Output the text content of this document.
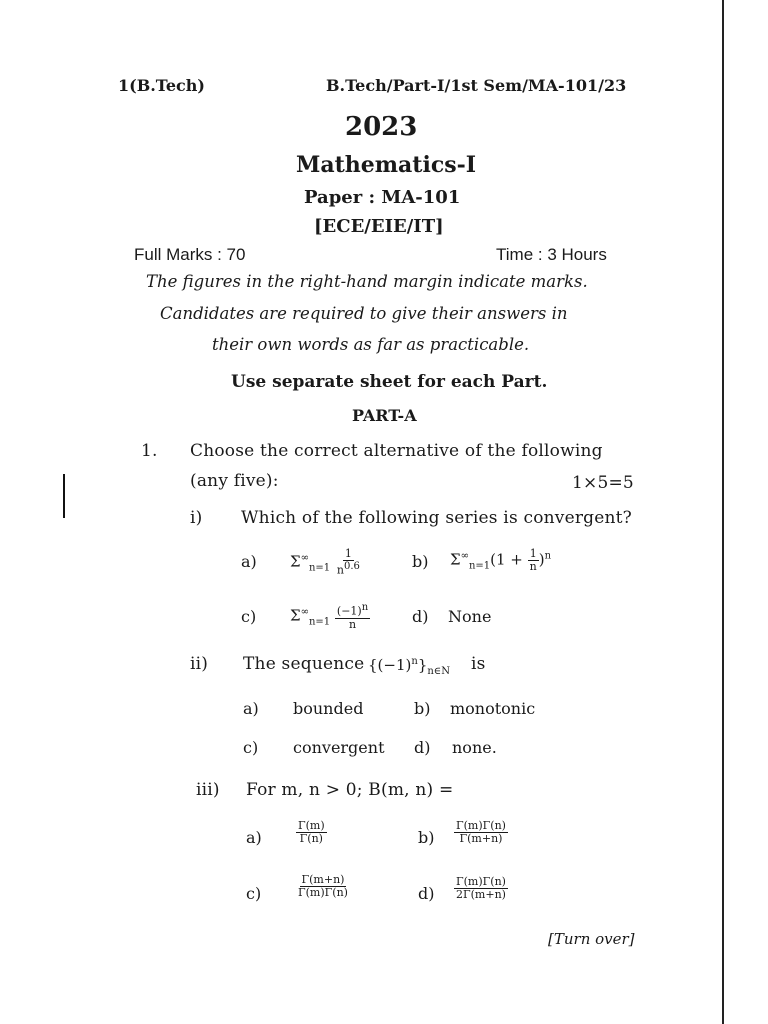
1(B.Tech)	B.Tech/Part-I/1st Sem/MA-101/23
2023
Mathematics-I
Paper : MA-101
[ECE/EIE/IT]
Full Marks : 70	Time : 3 Hours
The figures in the right-hand margin indicate marks.
Candidates are required to give their answers in
their own words as far as practicable.
Use separate sheet for each Part.
PART-A
1. Choose the correct alternative of the following
(any five):	1×5=5
i) Which of the following series is convergent?
a) $\Sigma^\infty_{n=1} \frac{1}{n^{0.6}}$	b) $\Sigma^\infty_{n=1}(1 + \frac{1}{n} )^n$
c) $\Sigma^\infty_{n=1} \frac{(-1)^n}{n}$	d) None
ii) The sequence $\{(-1)^n\}_{n\in N}$ is
a) bounded	b) monotonic
c) convergent d) none.
iii) For m, n > 0; B(m, n) =
a)	$\frac{\Gamma(m)}{\Gamma(n)}$	$b) \frac{\Gamma(m)\Gamma(n)}{\Gamma(m+n)}$
c)	$\frac{\Gamma(m+n)}{\Gamma(m)\Gamma(n)}$	$d) \frac{\Gamma(m)\Gamma(n)}{2\Gamma(m+n)}$
[Turn over]
